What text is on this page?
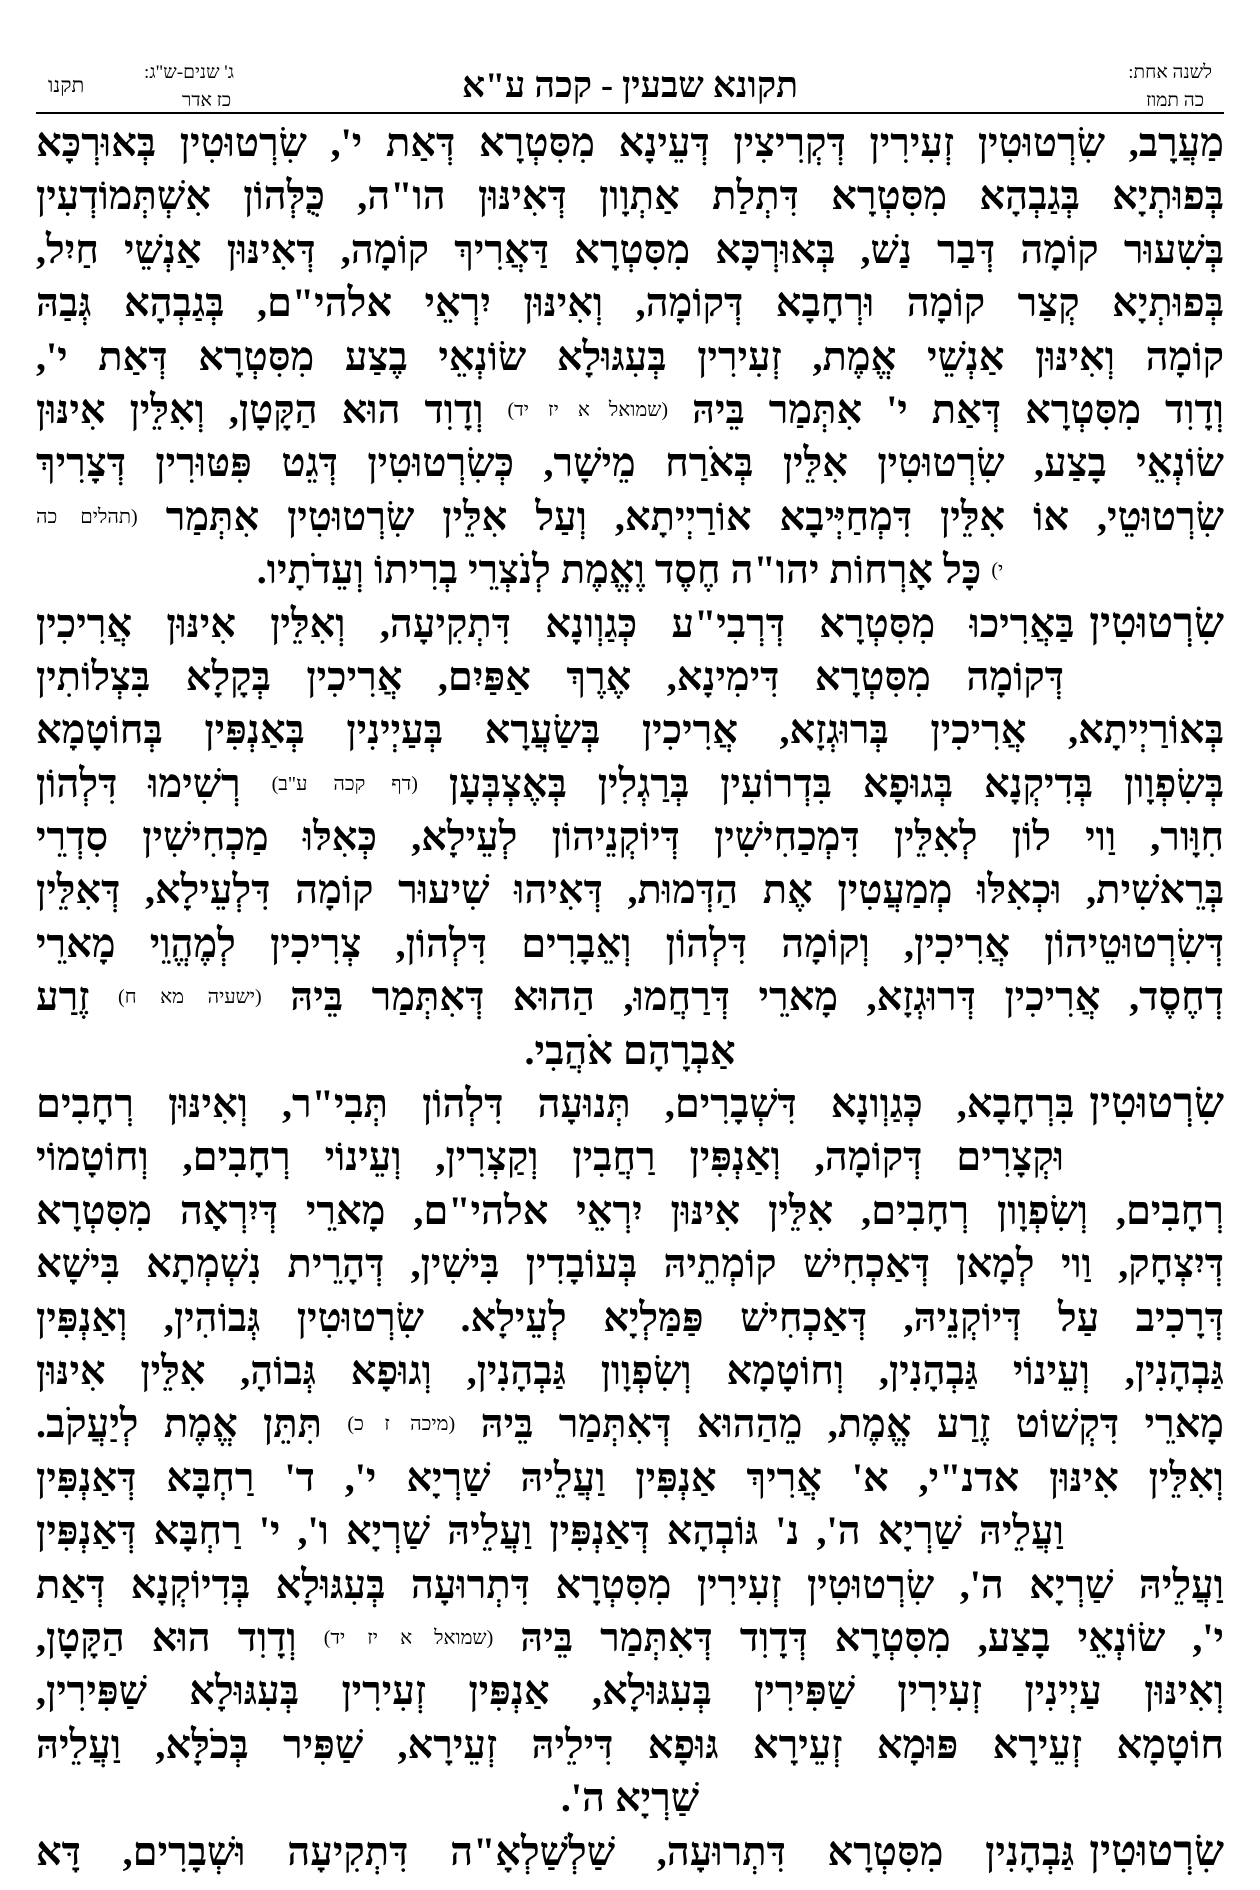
לשנה אחת:
כה תמוז
תקונא שבעין - קכה ע"א
ג' שנים-ש"ג:
כז אדר
תקנו
מַעֲרָב, שִׂרְטוּטִין זְעִירִין דְּקְרִיצִין דְּעֵינָא מִסִּטְרָא דְּאַת י', שִׂרְטוּטִין בְּאוּרְכָּא
בְּפוּתְיָא בְּגַבְהָא מִסִּטְרָא דִּתְלַת אַתְוָון דְּאִינּוּן הו"ה, כֻּלְּהוֹן אִשְׁתְּמוֹדְעִין
בְּשִׁעוּר קוֹמָה דְּבַר נַשׁ, בְּאוּרְכָּא מִסִּטְרָא דַּאֲרִיךְ קוֹמָה, דְּאִינּוּן אַנְשֵׁי חַיִל,
בְּפוּתְיָא קְצַר קוֹמָה וּרְחָבָא דְּקוֹמָה, וְאִינּוּן יִרְאֵי אלהי"ם, בְּגַבְהָא גְּבַהּ
קוֹמָה וְאִינּוּן אַנְשֵׁי אֱמֶת, זְעִירִין בְּעִגּוּלָא שׂוֹנְאֵי בֶצַע מִסִּטְרָא דְּאַת י',
וְדָוִד מִסִּטְרָא דְּאַת י' אִתְּמַר בֵּיהּ (שמואל א יז יד) וְדָוִד הוּא הַקָּטָן, וְאִלֵּין אִינּוּן
שׂוֹנְאֵי בָצַע, שִׂרְטוּטִין אִלֵּין בְּאֹרַח מֵישָׁר, כְּשִׂרְטוּטִין דְּגֵט פִּטּוּרִין דְּצָרִיךְ
שִׂרְטוּטֵי, אוֹ אִלֵּין דִּמְחַיְּיבָא אוֹרַיְיתָא, וְעַל אִלֵּין שִׂרְטוּטִין אִתְּמַר (תהלים כה
י) כָּל אָרְחוֹת יהו"ה חֶסֶד וֶאֱמֶת לְנֹצְרֵי בְרִיתוֹ וְעֵדֹתָיו.
שִׂרְטוּטִיןבַּאֲרִיכוּ מִסִּטְרָא דְּרְבִי"ע כְּגַוְונָא דִּתְקִיעָה, וְאִלֵּין אִינּוּן אֲרִיכִין
דְּקוֹמָה מִסִּטְרָא דִּימִינָא, אֶרֶךְ אַפַּיִם, אֲרִיכִין בְּקָלָא בִּצְלוֹתִין
בְּאוֹרַיְיתָא, אֲרִיכִין בְּרוּגְזָא, אֲרִיכִין בְּשַׂעֲרָא בְּעַיְינִין בְּאַנְפִּין בְּחוֹטָמָא
בְּשִׂפְוָון בְּדִיקְנָא בְּגוּפָא בִּדְרוֹעִין בְּרַגְלִין בְּאֶצְבְּעָן (דף קכה ע"ב) רְשִׁימוּ דִּלְהוֹן
חִוָּור, וַוי לוֹן לְאִלֵּין דִּמְכַחִישִׁין דְּיוֹקְנֵיהוֹן לְעֵילָא, כְּאִלּוּ מַכְחִישִׁין סִדְרֵי
בְּרֵאשִׁית, וּכְאִלּוּ מְמַעֲטִין אֶת הַדְּמוּת, דְּאִיהוּ שִׁיעוּר קוֹמָה דִּלְעֵילָא, דְּאִלֵּין
דְּשִׂרְטוּטֵיהוֹן אֲרִיכִין, וְקוֹמָה דִּלְהוֹן וְאֵבָרִים דִּלְהוֹן, צְרִיכִין לְמֶהֱוֵי מָארֵי
דְחֶסֶד, אֲרִיכִין דְּרוּגְזָא, מָארֵי דְּרַחֲמוּ, הַהוּא דְּאִתְּמַר בֵּיהּ (ישעיה מא ח) זֶרַע
אַבְרָהָם אֹהֲבִי.
שִׂרְטוּטִיןבִּרְחָבָא, כְּגַוְונָא דִּשְׁבָרִים, תְּנוּעָה דִּלְהוֹן תְּבִי"ר, וְאִינּוּן רְחָבִים
וּקְצָרִים דְּקוֹמָה, וְאַנְפִּין רַחֲבִין וְקַצְרִין, וְעֵינוֹי רְחָבִים, וְחוֹטָמוֹי
רְחָבִים, וְשִׂפְוָון רְחָבִים, אִלֵּין אִינּוּן יִרְאֵי אלהי"ם, מָארֵי דְּיִרְאָה מִסִּטְרָא
דְּיִצְחָק, וַוי לְמָאן דְּאַכְחִישׁ קוֹמְתֵיהּ בְּעוֹבָדִין בִּישִׁין, דְּהָרֵית נִשְׁמְתָא בִּישָׁא
דְּרָכִיב עַל דְּיוֹקְנֵיהּ, דְּאַכְחִישׁ פַּמַּלְיָא לְעֵילָא. שִׂרְטוּטִין גְּבוֹהִין, וְאַנְפִּין
גַּבְהָנִין, וְעֵינוֹי גַּבְהָנִין, וְחוֹטָמָא וְשִׂפְוָון גַּבְהָנִין, וְגוּפָא גְּבוֹהָ, אִלֵּין אִינּוּן
מָארֵי דִּקְשׁוֹט זֶרַע אֱמֶת, מֵהַהוּא דְּאִתְּמַר בֵּיהּ (מיכה ז כ) תִּתֵּן אֱמֶת לְיַעֲקֹב.
וְאִלֵּין אִינּוּן אדנ"י, א' אֲרִיךְ אַנְפִּין וַעֲלֵיהּ שַׁרְיָא י', ד' רַחְבָּא דְּאַנְפִּין
וַעֲלֵיהּ שַׁרְיָא ה', נ' גּוֹבְהָא דְּאַנְפִּין וַעֲלֵיהּ שַׁרְיָא ו', י' רַחְבָּא דְּאַנְפִּין
וַעֲלֵיהּ שַׁרְיָא ה', שִׂרְטוּטִין זְעִירִין מִסִּטְרָא דִּתְרוּעָה בְּעִגּוּלָא בְּדִיוֹקְנָא דְּאַת
י', שׂוֹנְאֵי בָצַע, מִסִּטְרָא דְּדָוִד דְּאִתְּמַר בֵּיהּ (שמואל א יז יד) וְדָוִד הוּא הַקָּטָן,
וְאִינּוּן עַיְינִין זְעִירִין שַׁפִּירִין בְּעִגּוּלָא, אַנְפִּין זְעִירִין בְּעִגּוּלָא שַׁפִּירִין,
חוֹטָמָא זְעֵירָא פּוּמָא זְעֵירָא גּוּפָא דִּילֵיהּ זְעֵירָא, שַׁפִּיר בְּכֹלָּא, וַעֲלֵיהּ
שַׁרְיָא ה'.
שִׂרְטוּטִיןגַּבְהָנִין מִסִּטְרָא דִּתְרוּעָה, שַׁלְשַׁלְאָ"ה דִּתְקִיעָה וּשְׁבָרִים, דָּא
